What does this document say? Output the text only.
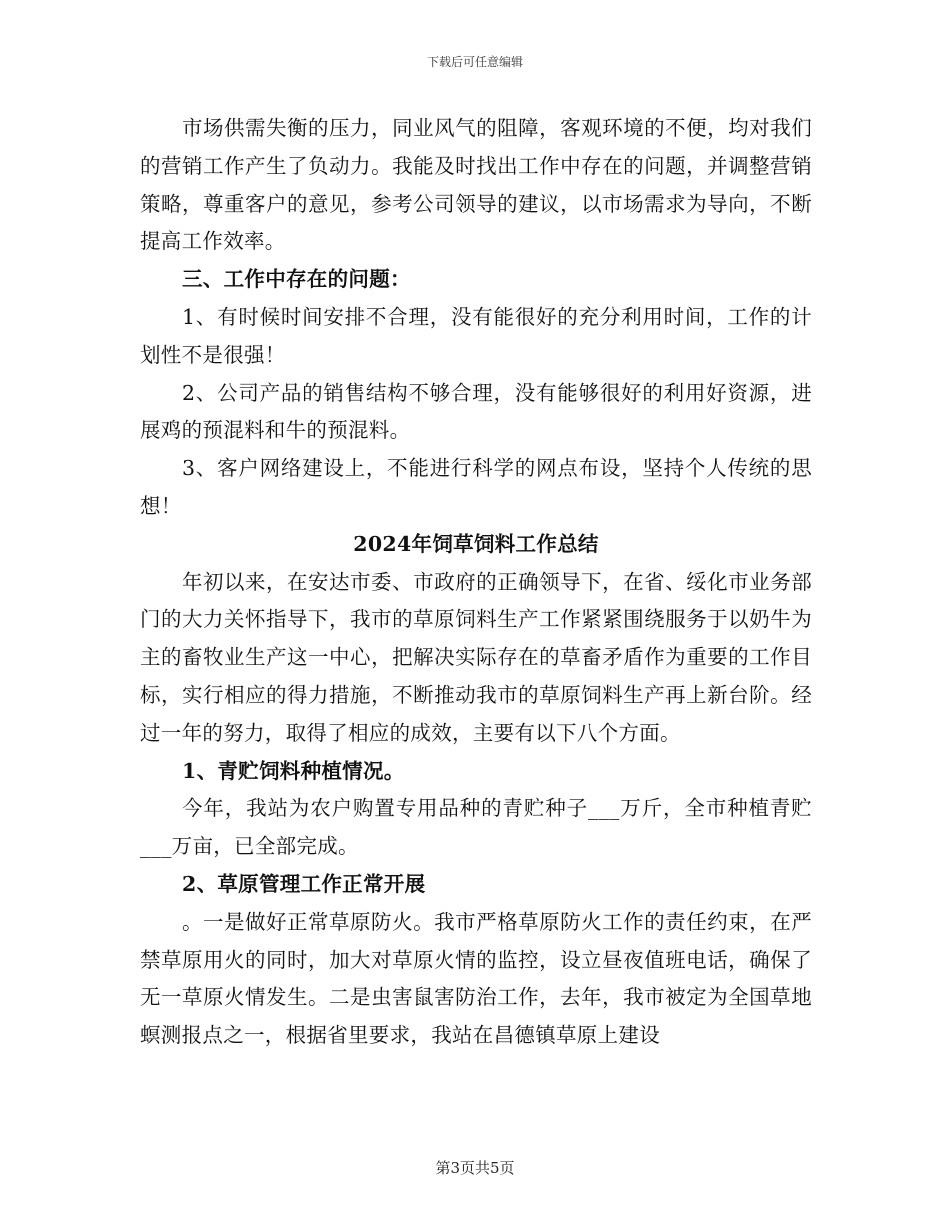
下载后可任意编辑

市场供需失衡的压力，同业风气的阻障，客观环境的不便，均对我们的营销工作产生了负动力。我能及时找出工作中存在的问题，并调整营销策略，尊重客户的意见，参考公司领导的建议，以市场需求为导向，不断提高工作效率。

三、工作中存在的问题：

1、有时候时间安排不合理，没有能很好的充分利用时间，工作的计划性不是很强！

2、公司产品的销售结构不够合理，没有能够很好的利用好资源，进展鸡的预混料和牛的预混料。

3、客户网络建设上，不能进行科学的网点布设，坚持个人传统的思想！

2024年饲草饲料工作总结

年初以来，在安达市委、市政府的正确领导下，在省、绥化市业务部门的大力关怀指导下，我市的草原饲料生产工作紧紧围绕服务于以奶牛为主的畜牧业生产这一中心，把解决实际存在的草畜矛盾作为重要的工作目标，实行相应的得力措施，不断推动我市的草原饲料生产再上新台阶。经过一年的努力，取得了相应的成效，主要有以下八个方面。

1、青贮饲料种植情况。

今年，我站为农户购置专用品种的青贮种子___万斤，全市种植青贮___万亩，已全部完成。

2、草原管理工作正常开展

。一是做好正常草原防火。我市严格草原防火工作的责任约束，在严禁草原用火的同时，加大对草原火情的监控，设立昼夜值班电话，确保了无一草原火情发生。二是虫害鼠害防治工作，去年，我市被定为全国草地螟测报点之一，根据省里要求，我站在昌德镇草原上建设

第3页共5页
